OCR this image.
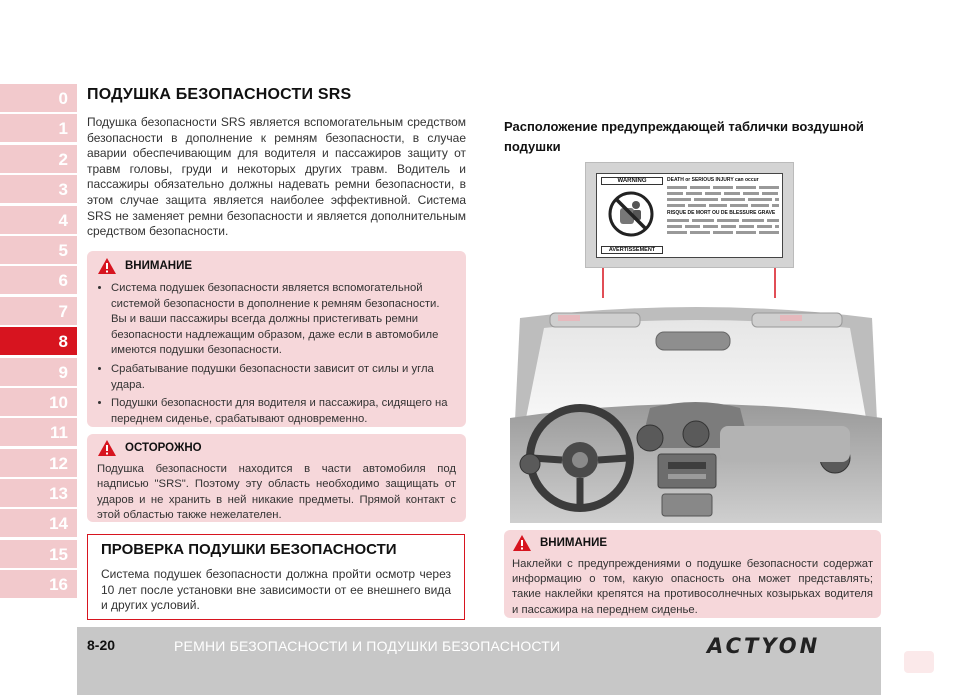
0
1
2
3
4
5
6
7
8
9
10
11
12
13
14
15
16
ПОДУШКА БЕЗОПАСНОСТИ SRS

Подушка безопасности SRS является вспомогательным средством безопасности в дополнение к ремням безопасности, в случае аварии обеспечивающим для водителя и пассажиров защиту от травм головы, груди и некоторых других травм. Водитель и пассажиры обязательно должны надевать ремни безопасности, в этом случае защита является наиболее эффективной. Система SRS не заменяет ремни безопасности и является дополнительным средством безопасности.

ВНИМАНИЕ
• Система подушек безопасности является вспомогательной системой безопасности в дополнение к ремням безопасности. Вы и ваши пассажиры всегда должны пристегивать ремни безопасности надлежащим образом, даже если в автомобиле имеются подушки безопасности.
• Срабатывание подушки безопасности зависит от силы и угла удара.
• Подушки безопасности для водителя и пассажира, сидящего на переднем сиденье, срабатывают одновременно.
ОСТОРОЖНО

Подушка безопасности находится в части автомобиля под надписью "SRS". Поэтому эту область необходимо защищать от ударов и не хранить в ней никакие предметы. Прямой контакт с этой областью также нежелателен.

ПРОВЕРКА ПОДУШКИ БЕЗОПАСНОСТИ

Система подушек безопасности должна пройти осмотр через 10 лет после установки вне зависимости от ее внешнего вида и других условий.

Расположение предупреждающей таблички воздушной подушки

WARNING
AVERTISSEMENT
DEATH or SERIOUS INJURY can occur

RISQUE DE MORT OU DE BLESSURE GRAVE
ВНИМАНИЕ

Наклейки с предупреждениями о подушке безопасности содержат информацию о том, какую опасность она может представлять; такие наклейки крепятся на противосолнечных козырьках водителя и пассажира на переднем сиденье.

8-20	РЕМНИ БЕЗОПАСНОСТИ И ПОДУШКИ БЕЗОПАСНОСТИ	ACTYON
